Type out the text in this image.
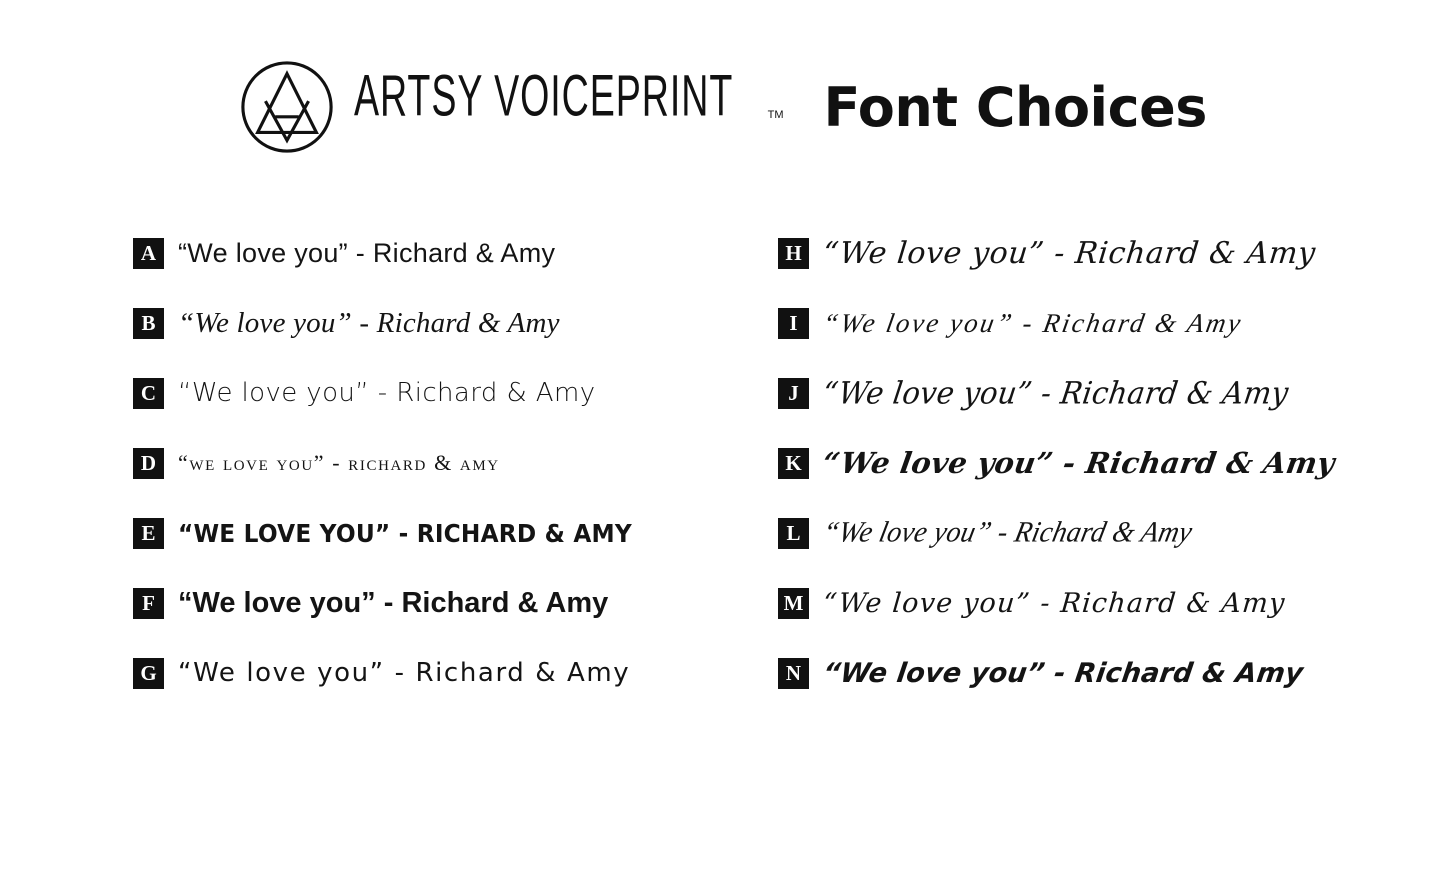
ARTSY VOICEPRINT	TM Font Choices
A “We love you” - Richard & Amy
B “We love you” - Richard & Amy
C “We love you” - Richard & Amy
D “we love you” - richard & amy
E “WE LOVE YOU” - RICHARD & AMY
F “We love you” - Richard & Amy
G “We love you” - Richard & Amy
H “We love you” - Richard & Amy
I “We love you” - Richard & Amy
J “We love you” - Richard & Amy
K “We love you” - Richard & Amy
L “We love you” - Richard & Amy
M “We love you” - Richard & Amy
N “We love you” - Richard & Amy
